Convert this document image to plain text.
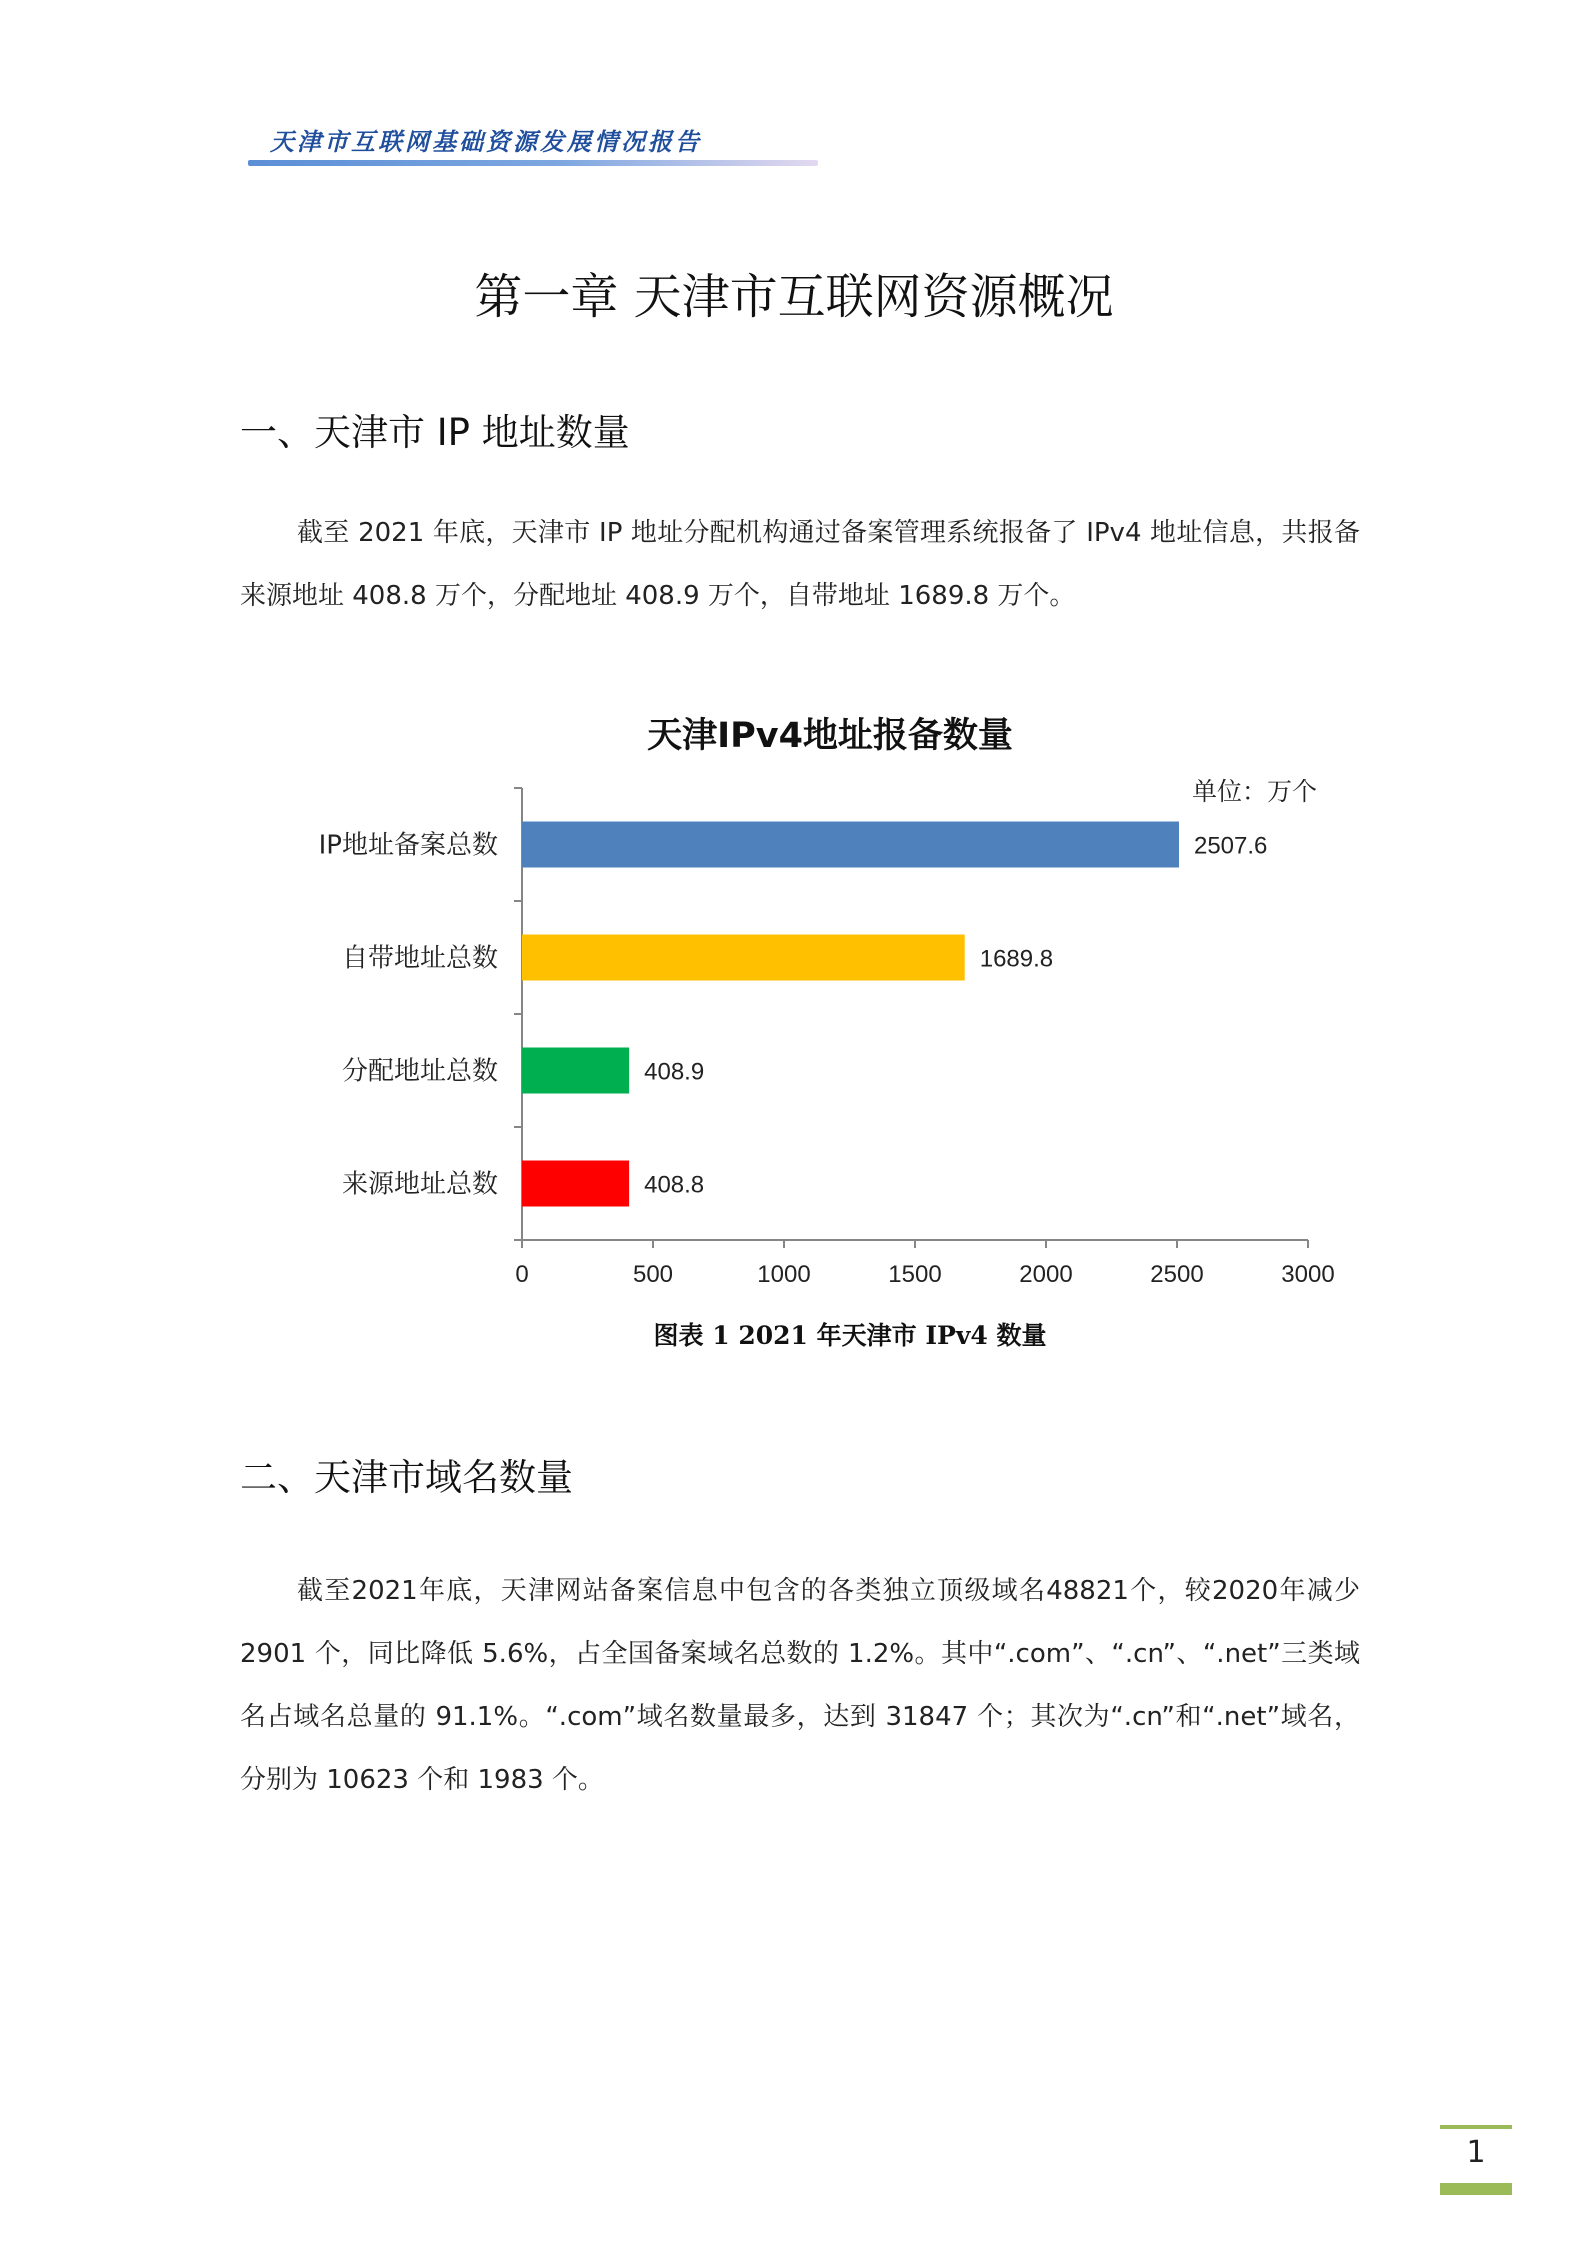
天津市互联网基础资源发展情况报告
第一章 天津市互联网资源概况
一、天津市 IP 地址数量

截至 2021 年底，天津市 IP 地址分配机构通过备案管理系统报备了 IPv4 地址信息，共报备来源地址 408.8 万个，分配地址 408.9 万个，自带地址 1689.8 万个。

天津IPv4地址报备数量
0	500	1000	1500	2000	2500	3000
2507.6
IP地址备案总数
1689.8
自带地址总数
408.9
分配地址总数
408.8
来源地址总数
单位：万个
图表 1 2021 年天津市 IPv4 数量
二、天津市域名数量

截至2021年底，天津网站备案信息中包含的各类独立顶级域名48821个，较2020年减少 2901 个，同比降低 5.6%，占全国备案域名总数的 1.2%。其中“.com”、“.cn”、“.net”三类域名占域名总量的 91.1%。“.com”域名数量最多，达到 31847 个；其次为“.cn”和“.net”域名，分别为 10623 个和 1983 个。

1
